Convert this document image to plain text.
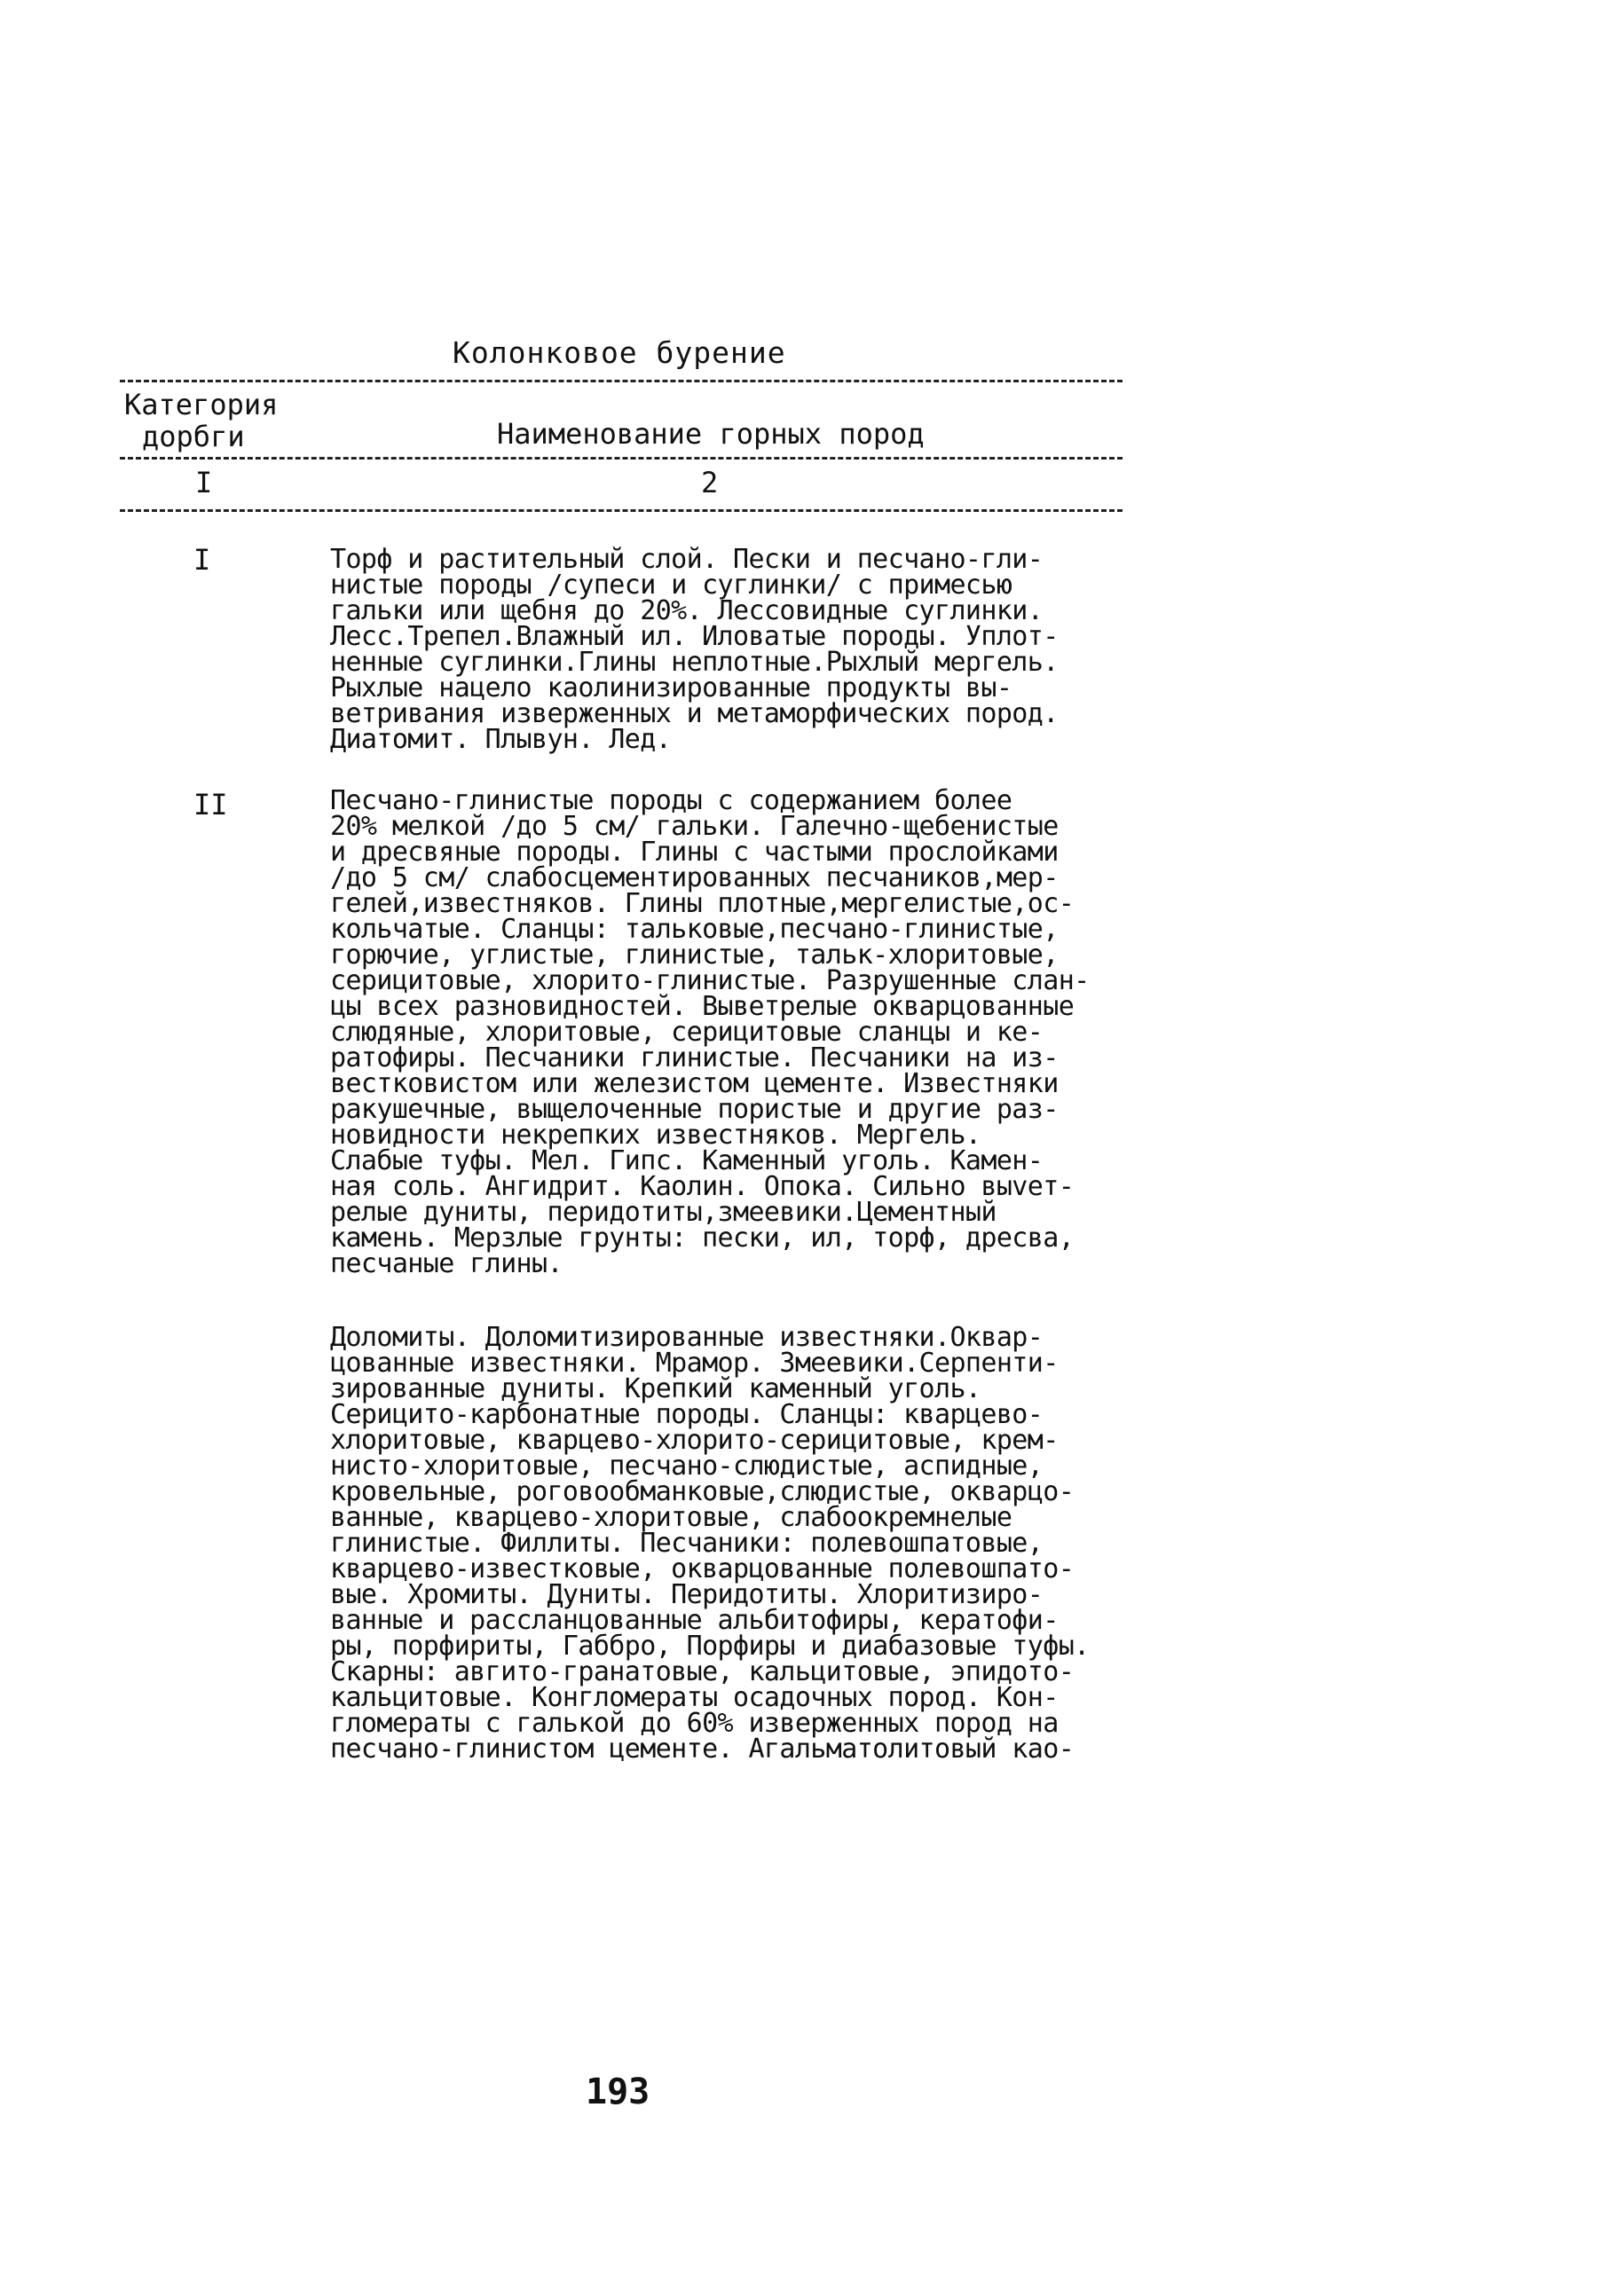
Колонковое бурение
Категория
дорбги	Наименование горных пород
I	2
I	Торф и растительный слой. Пески и песчано-гли-
нистые породы /супеси и суглинки/ с примесью
гальки или щебня до 20%. Лессовидные суглинки.
Лесс.Трепел.Влажный ил. Иловатые породы. Уплот-
ненные суглинки.Глины неплотные.Рыхлый мергель.
Рыхлые нацело каолинизированные продукты вы-
ветривания изверженных и метаморфических пород.
Диатомит. Плывун. Лед.
II	Песчано-глинистые породы с содержанием более
20% мелкой /до 5 см/ гальки. Галечно-щебенистые
и дресвяные породы. Глины с частыми прослойками
/до 5 см/ слабосцементированных песчаников,мер-
гелей,известняков. Глины плотные,мергелистые,ос-
кольчатые. Сланцы: тальковые,песчано-глинистые,
горючие, углистые, глинистые, тальк-хлоритовые,
серицитовые, хлорито-глинистые. Разрушенные слан-
цы всех разновидностей. Выветрелые окварцованные
слюдяные, хлоритовые, серицитовые сланцы и ке-
ратофиры. Песчаники глинистые. Песчаники на из-
вестковистом или железистом цементе. Известняки
ракушечные, выщелоченные пористые и другие раз-
новидности некрепких известняков. Мергель.
Слабые туфы. Мел. Гипс. Каменный уголь. Камен-
ная соль. Ангидрит. Каолин. Опока. Сильно выvет-
релые дуниты, перидотиты,змеевики.Цементный
камень. Мерзлые грунты: пески, ил, торф, дресва,
песчаные глины.
Доломиты. Доломитизированные известняки.Оквар-
цованные известняки. Мрамор. Змеевики.Серпенти-
зированные дуниты. Крепкий каменный уголь.
Серицито-карбонатные породы. Сланцы: кварцево-
хлоритовые, кварцево-хлорито-серицитовые, крем-
нисто-хлоритовые, песчано-слюдистые, аспидные,
кровельные, роговообманковые,слюдистые, окварцо-
ванные, кварцево-хлоритовые, слабоокремнелые
глинистые. Филлиты. Песчаники: полевошпатовые,
кварцево-известковые, окварцованные полевошпато-
вые. Хромиты. Дуниты. Перидотиты. Хлоритизиро-
ванные и рассланцованные альбитофиры, кератофи-
ры, порфириты, Габбро, Порфиры и диабазовые туфы.
Скарны: авгито-гранатовые, кальцитовые, эпидото-
кальцитовые. Конгломераты осадочных пород. Кон-
гломераты с галькой до 60% изверженных пород на
песчано-глинистом цементе. Агальматолитовый кao-
193
